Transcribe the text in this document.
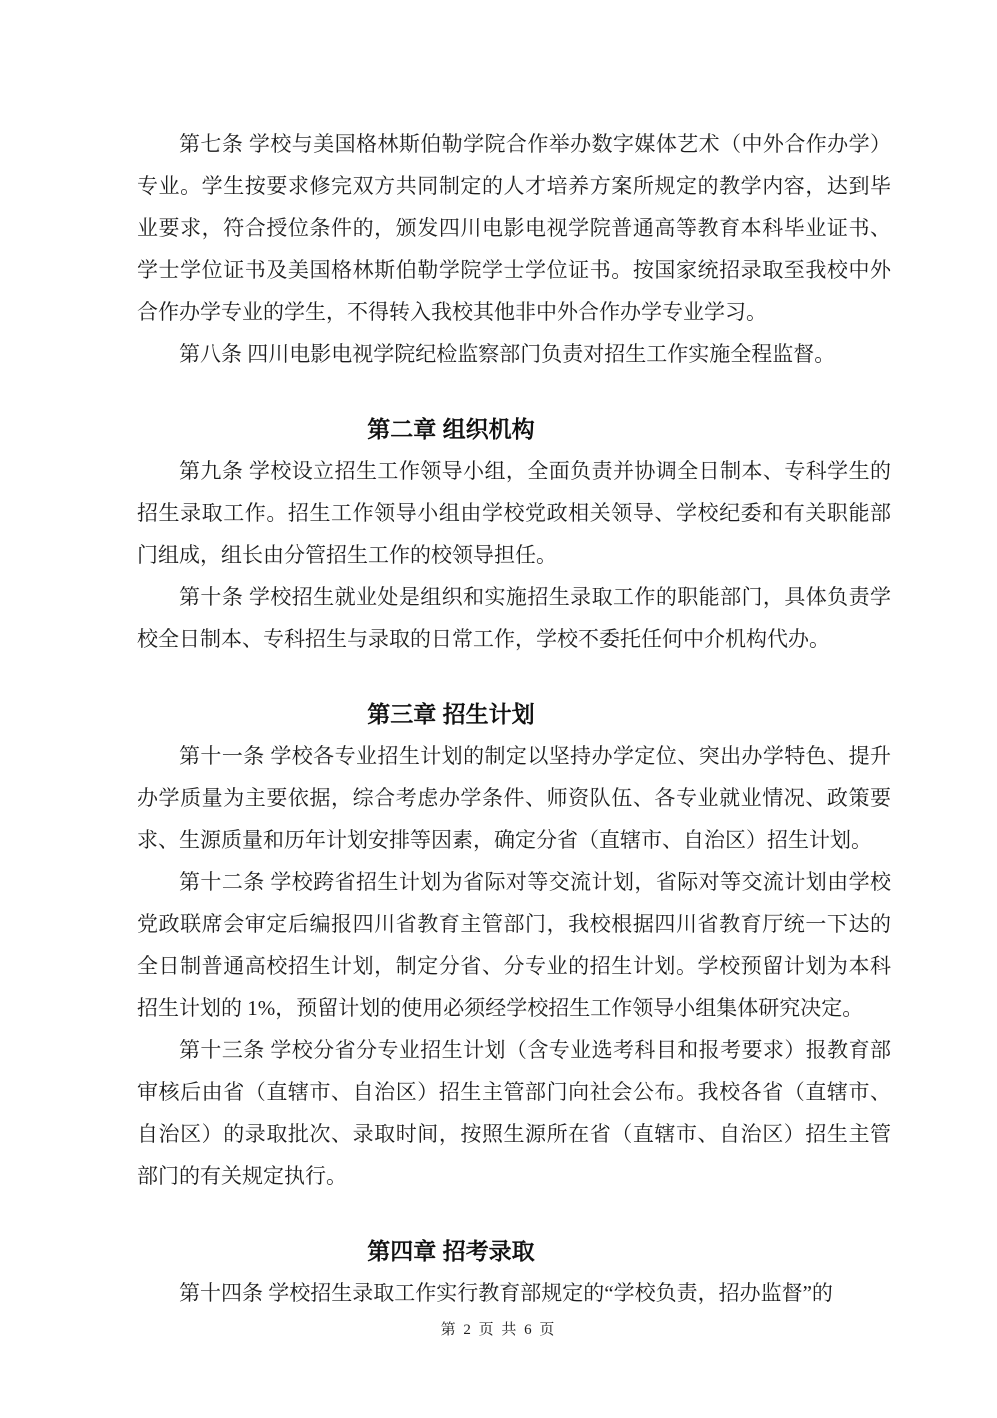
第七条 学校与美国格林斯伯勒学院合作举办数字媒体艺术（中外合作办学）专业。学生按要求修完双方共同制定的人才培养方案所规定的教学内容，达到毕业要求，符合授位条件的，颁发四川电影电视学院普通高等教育本科毕业证书、学士学位证书及美国格林斯伯勒学院学士学位证书。按国家统招录取至我校中外合作办学专业的学生，不得转入我校其他非中外合作办学专业学习。

第八条 四川电影电视学院纪检监察部门负责对招生工作实施全程监督。

第二章 组织机构

第九条 学校设立招生工作领导小组，全面负责并协调全日制本、专科学生的招生录取工作。招生工作领导小组由学校党政相关领导、学校纪委和有关职能部门组成，组长由分管招生工作的校领导担任。

第十条 学校招生就业处是组织和实施招生录取工作的职能部门，具体负责学校全日制本、专科招生与录取的日常工作，学校不委托任何中介机构代办。

第三章 招生计划

第十一条 学校各专业招生计划的制定以坚持办学定位、突出办学特色、提升办学质量为主要依据，综合考虑办学条件、师资队伍、各专业就业情况、政策要求、生源质量和历年计划安排等因素，确定分省（直辖市、自治区）招生计划。

第十二条 学校跨省招生计划为省际对等交流计划，省际对等交流计划由学校党政联席会审定后编报四川省教育主管部门，我校根据四川省教育厅统一下达的全日制普通高校招生计划，制定分省、分专业的招生计划。学校预留计划为本科招生计划的 1%，预留计划的使用必须经学校招生工作领导小组集体研究决定。

第十三条 学校分省分专业招生计划（含专业选考科目和报考要求）报教育部审核后由省（直辖市、自治区）招生主管部门向社会公布。我校各省（直辖市、自治区）的录取批次、录取时间，按照生源所在省（直辖市、自治区）招生主管部门的有关规定执行。

第四章 招考录取

第十四条 学校招生录取工作实行教育部规定的“学校负责，招办监督”的

第 2 页 共 6 页
